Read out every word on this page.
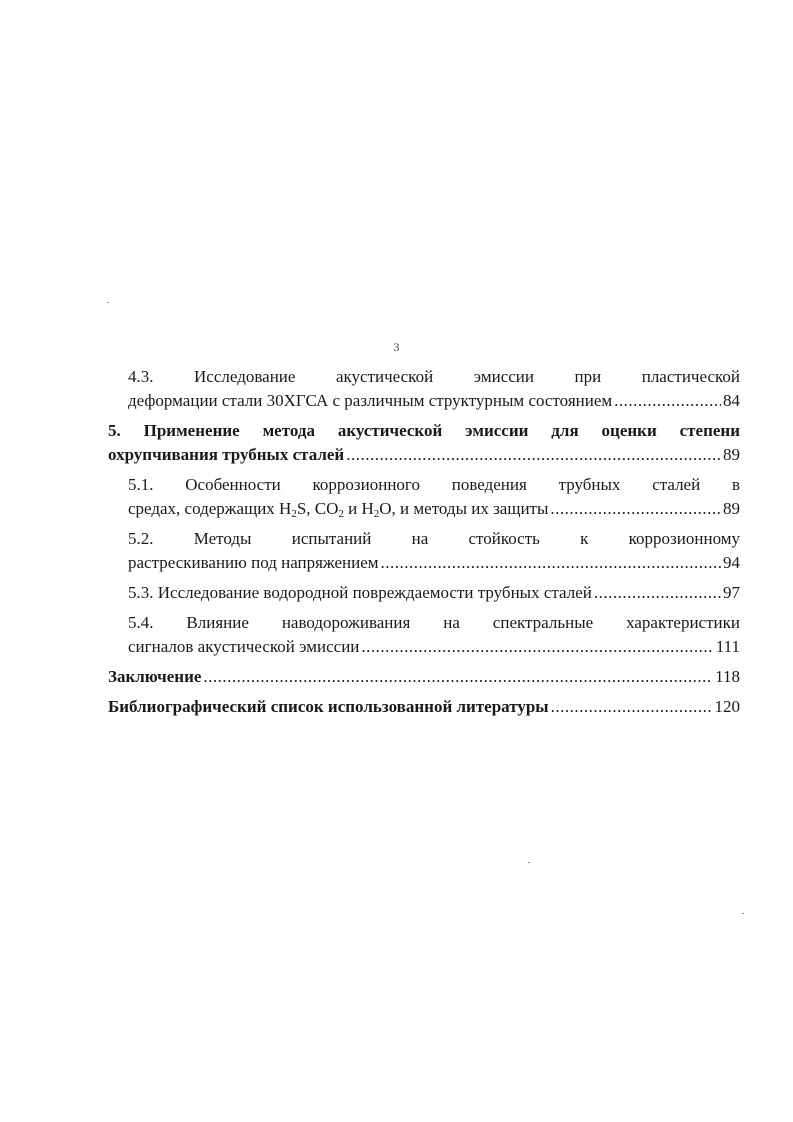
3
4.3. Исследование акустической эмиссии при пластической
деформации стали 30ХГСА с различным структурным состоянием .....	84
5. Применение метода акустической эмиссии для оценки степени
охрупчивания трубных сталей .....	89
5.1. Особенности коррозионного поведения трубных сталей в
средах, содержащих $H_2S$, $CO_2$ и $H_2O$, и методы их защиты .....	89
5.2. Методы испытаний на стойкость к коррозионному
растрескиванию под напряжением .....	94
5.3. Исследование водородной повреждаемости трубных сталей .....	97
5.4. Влияние наводороживания на спектральные характеристики
сигналов акустической эмиссии .....	111
Заключение .....	118
Библиографический список использованной литературы .....	120
